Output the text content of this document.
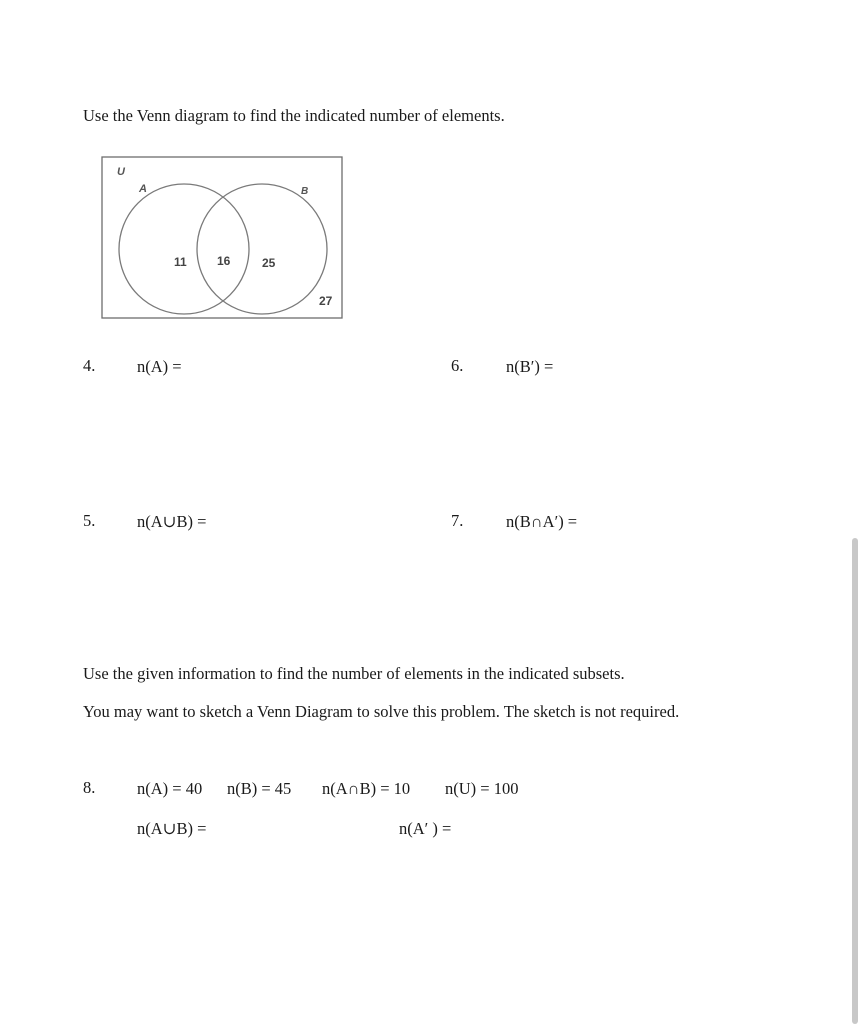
Use the Venn diagram to find the indicated number of elements.
U
A	B
11	16	25
27
4.	n(A) =	6.	n(B′) =
5.	n(A∪B) =	7.	n(B∩A′) =
Use the given information to find the number of elements in the indicated subsets.
You may want to sketch a Venn Diagram to solve this problem. The sketch is not required.
8.	n(A) = 40 n(B) = 45 n(A∩B) = 10 n(U) = 100
n(A∪B) =	n(A′ ) =
